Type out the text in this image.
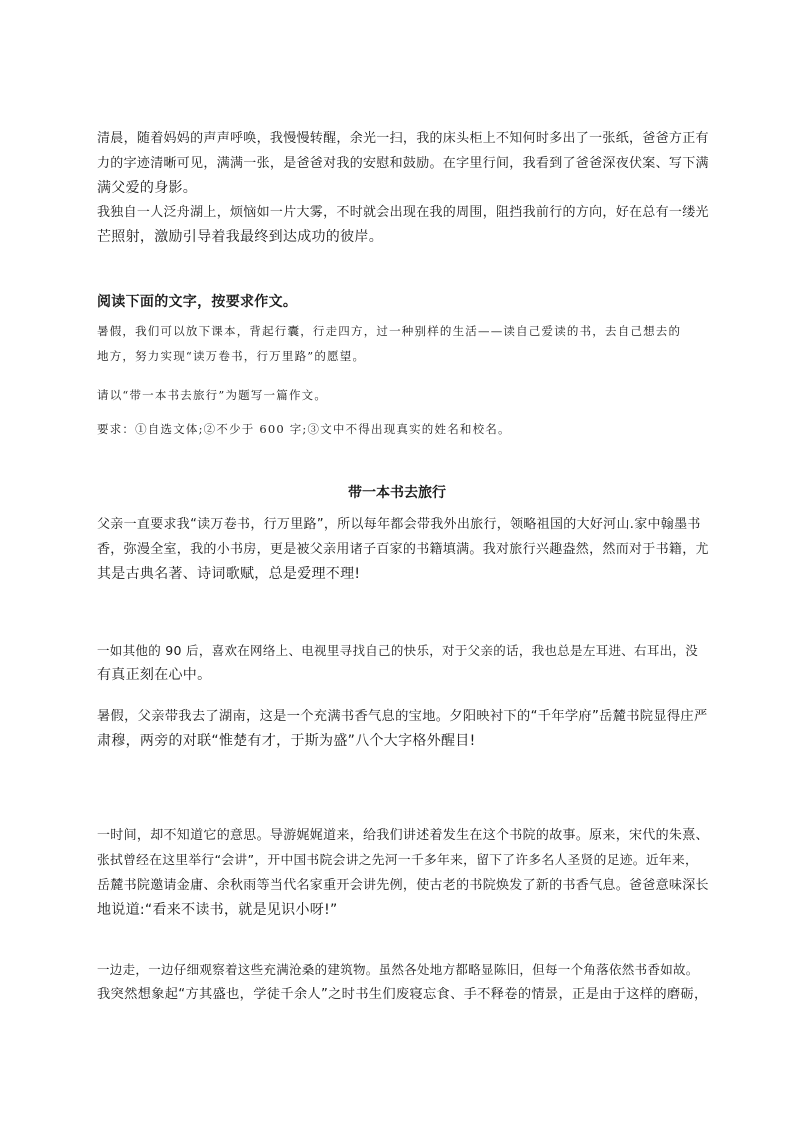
清晨，随着妈妈的声声呼唤，我慢慢转醒，余光一扫，我的床头柜上不知何时多出了一张纸，爸爸方正有
力的字迹清晰可见，满满一张，是爸爸对我的安慰和鼓励。在字里行间，我看到了爸爸深夜伏案、写下满
满父爱的身影。
我独自一人泛舟湖上，烦恼如一片大雾，不时就会出现在我的周围，阻挡我前行的方向，好在总有一缕光
芒照射，激励引导着我最终到达成功的彼岸。
阅读下面的文字，按要求作文。
暑假，我们可以放下课本，背起行囊，行走四方，过一种别样的生活——读自己爱读的书，去自己想去的
地方，努力实现“读万卷书，行万里路”的愿望。
请以“带一本书去旅行”为题写一篇作文。
要求：①自选文体;②不少于 600 字;③文中不得出现真实的姓名和校名。
带一本书去旅行
父亲一直要求我“读万卷书，行万里路”，所以每年都会带我外出旅行，领略祖国的大好河山.家中翰墨书
香，弥漫全室，我的小书房，更是被父亲用诸子百家的书籍填满。我对旅行兴趣盎然，然而对于书籍，尤
其是古典名著、诗词歌赋，总是爱理不理!
一如其他的 90 后，喜欢在网络上、电视里寻找自己的快乐，对于父亲的话，我也总是左耳进、右耳出，没
有真正刻在心中。
暑假，父亲带我去了湖南，这是一个充满书香气息的宝地。夕阳映衬下的“千年学府”岳麓书院显得庄严
肃穆，两旁的对联“惟楚有才，于斯为盛”八个大字格外醒目!
一时间，却不知道它的意思。导游娓娓道来，给我们讲述着发生在这个书院的故事。原来，宋代的朱熹、
张拭曾经在这里举行“会讲”，开中国书院会讲之先河一千多年来，留下了许多名人圣贤的足迹。近年来，
岳麓书院邀请金庸、余秋雨等当代名家重开会讲先例，使古老的书院焕发了新的书香气息。爸爸意味深长
地说道:“看来不读书，就是见识小呀!”
一边走，一边仔细观察着这些充满沧桑的建筑物。虽然各处地方都略显陈旧，但每一个角落依然书香如故。
我突然想象起“方其盛也，学徒千余人”之时书生们废寝忘食、手不释卷的情景，正是由于这样的磨砺，
